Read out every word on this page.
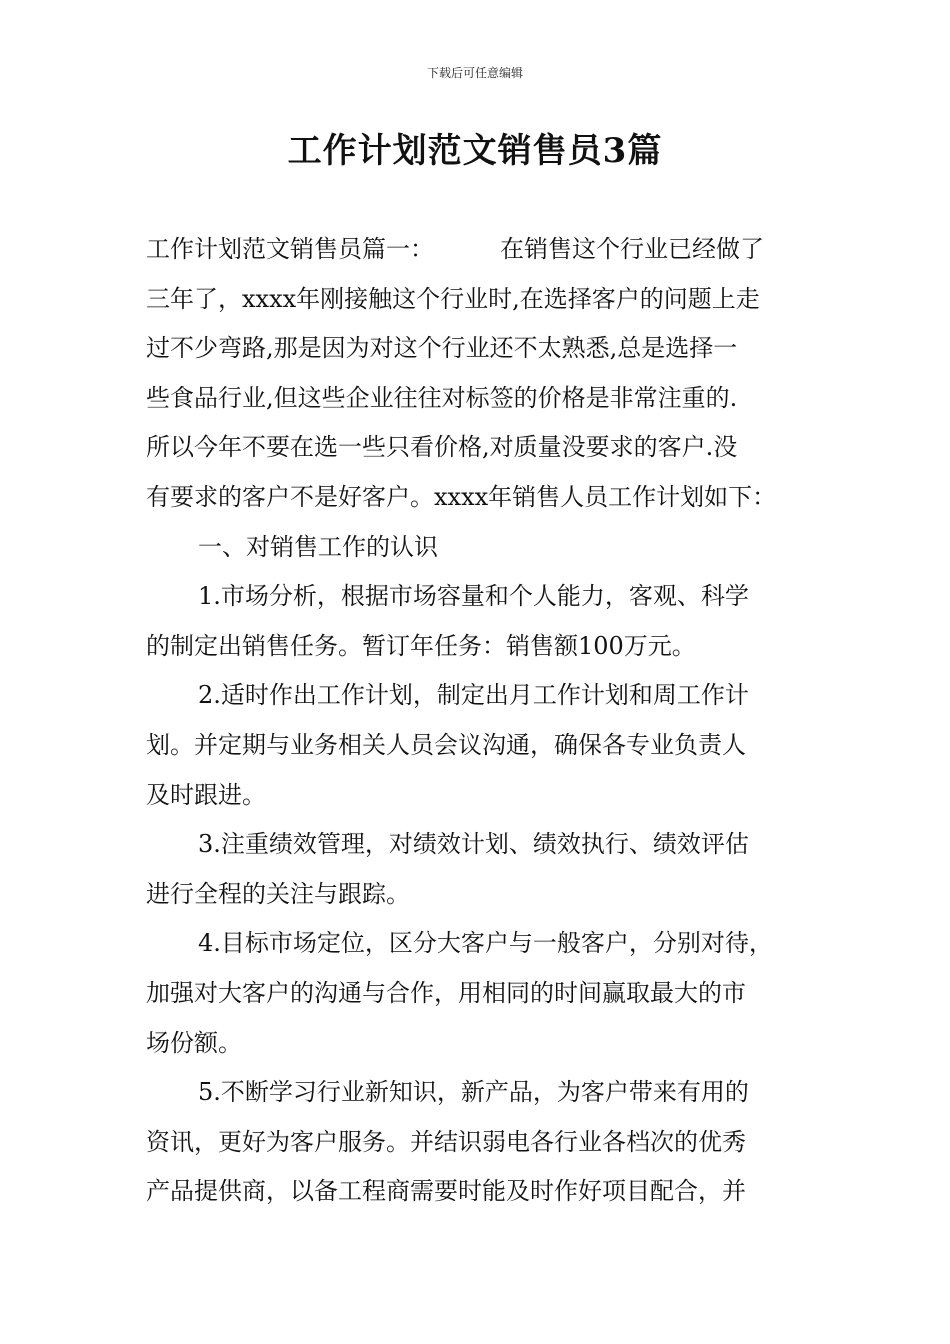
下载后可任意编辑
工作计划范文销售员3篇
工作计划范文销售员篇一：	在销售这个行业已经做了
三年了，xxxx年刚接触这个行业时,在选择客户的问题上走
过不少弯路,那是因为对这个行业还不太熟悉,总是选择一
些食品行业,但这些企业往往对标签的价格是非常注重的.
所以今年不要在选一些只看价格,对质量没要求的客户.没
有要求的客户不是好客户。xxxx年销售人员工作计划如下：
一、对销售工作的认识
1.市场分析，根据市场容量和个人能力，客观、科学
的制定出销售任务。暂订年任务：销售额100万元。
2.适时作出工作计划，制定出月工作计划和周工作计
划。并定期与业务相关人员会议沟通，确保各专业负责人
及时跟进。
3.注重绩效管理，对绩效计划、绩效执行、绩效评估
进行全程的关注与跟踪。
4.目标市场定位，区分大客户与一般客户，分别对待，
加强对大客户的沟通与合作，用相同的时间赢取最大的市
场份额。
5.不断学习行业新知识，新产品，为客户带来有用的
资讯，更好为客户服务。并结识弱电各行业各档次的优秀
产品提供商，以备工程商需要时能及时作好项目配合，并
